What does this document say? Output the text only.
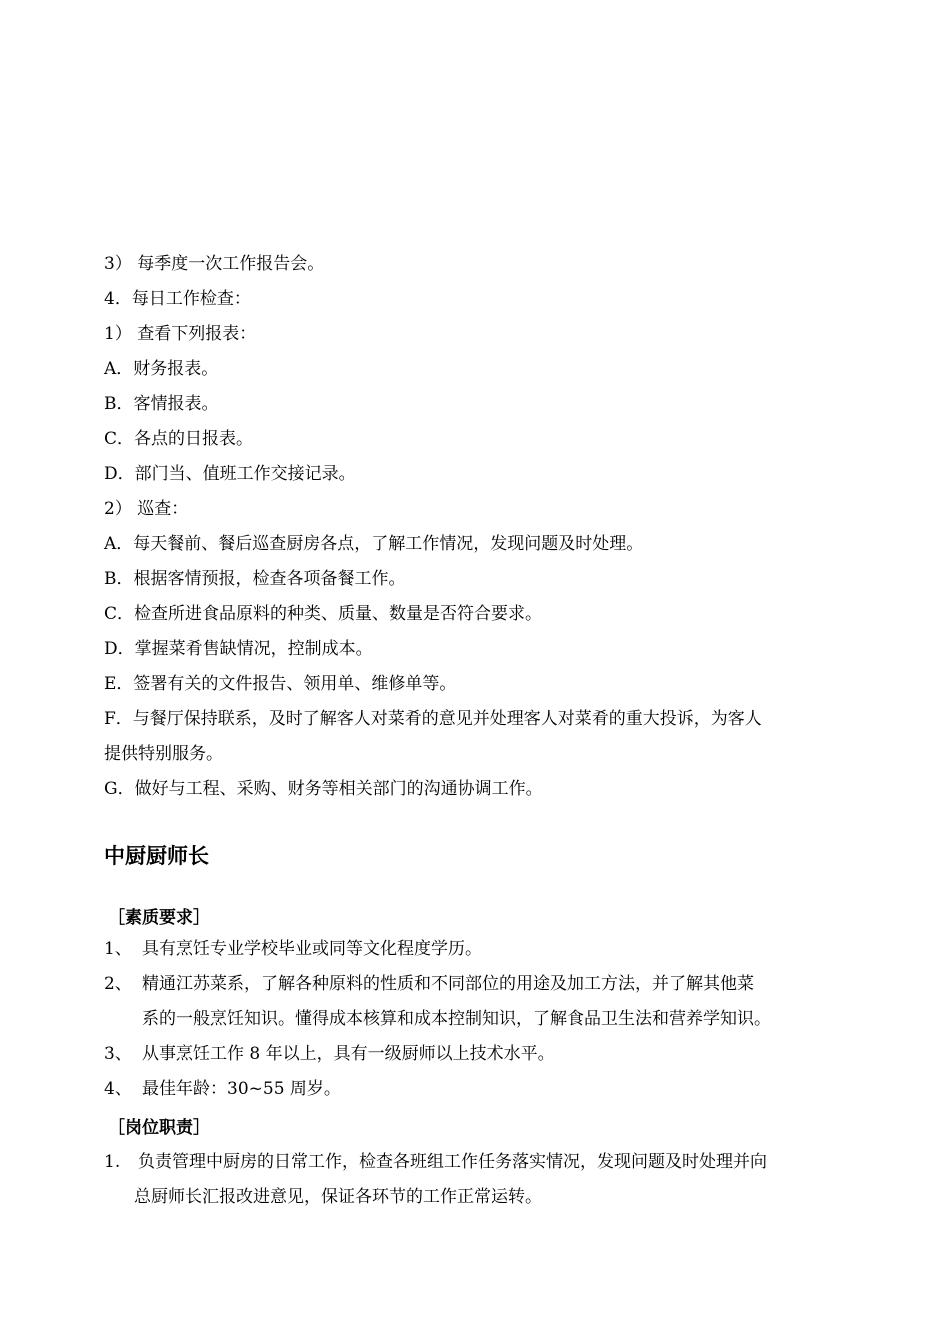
3） 每季度一次工作报告会。
4．每日工作检查：
1） 查看下列报表：
A．财务报表。
B．客情报表。
C．各点的日报表。
D．部门当、值班工作交接记录。
2） 巡查：
A．每天餐前、餐后巡查厨房各点，了解工作情况，发现问题及时处理。
B．根据客情预报，检查各项备餐工作。
C．检查所进食品原料的种类、质量、数量是否符合要求。
D．掌握菜肴售缺情况，控制成本。
E．签署有关的文件报告、领用单、维修单等。
F．与餐厅保持联系，及时了解客人对菜肴的意见并处理客人对菜肴的重大投诉，为客人
提供特别服务。
G．做好与工程、采购、财务等相关部门的沟通协调工作。
中厨厨师长
［素质要求］
1、 具有烹饪专业学校毕业或同等文化程度学历。
2、 精通江苏菜系，了解各种原料的性质和不同部位的用途及加工方法，并了解其他菜
系的一般烹饪知识。懂得成本核算和成本控制知识，了解食品卫生法和营养学知识。
3、 从事烹饪工作 8 年以上，具有一级厨师以上技术水平。
4、 最佳年龄：30~55 周岁。
［岗位职责］
1. 负责管理中厨房的日常工作，检查各班组工作任务落实情况，发现问题及时处理并向
总厨师长汇报改进意见，保证各环节的工作正常运转。
